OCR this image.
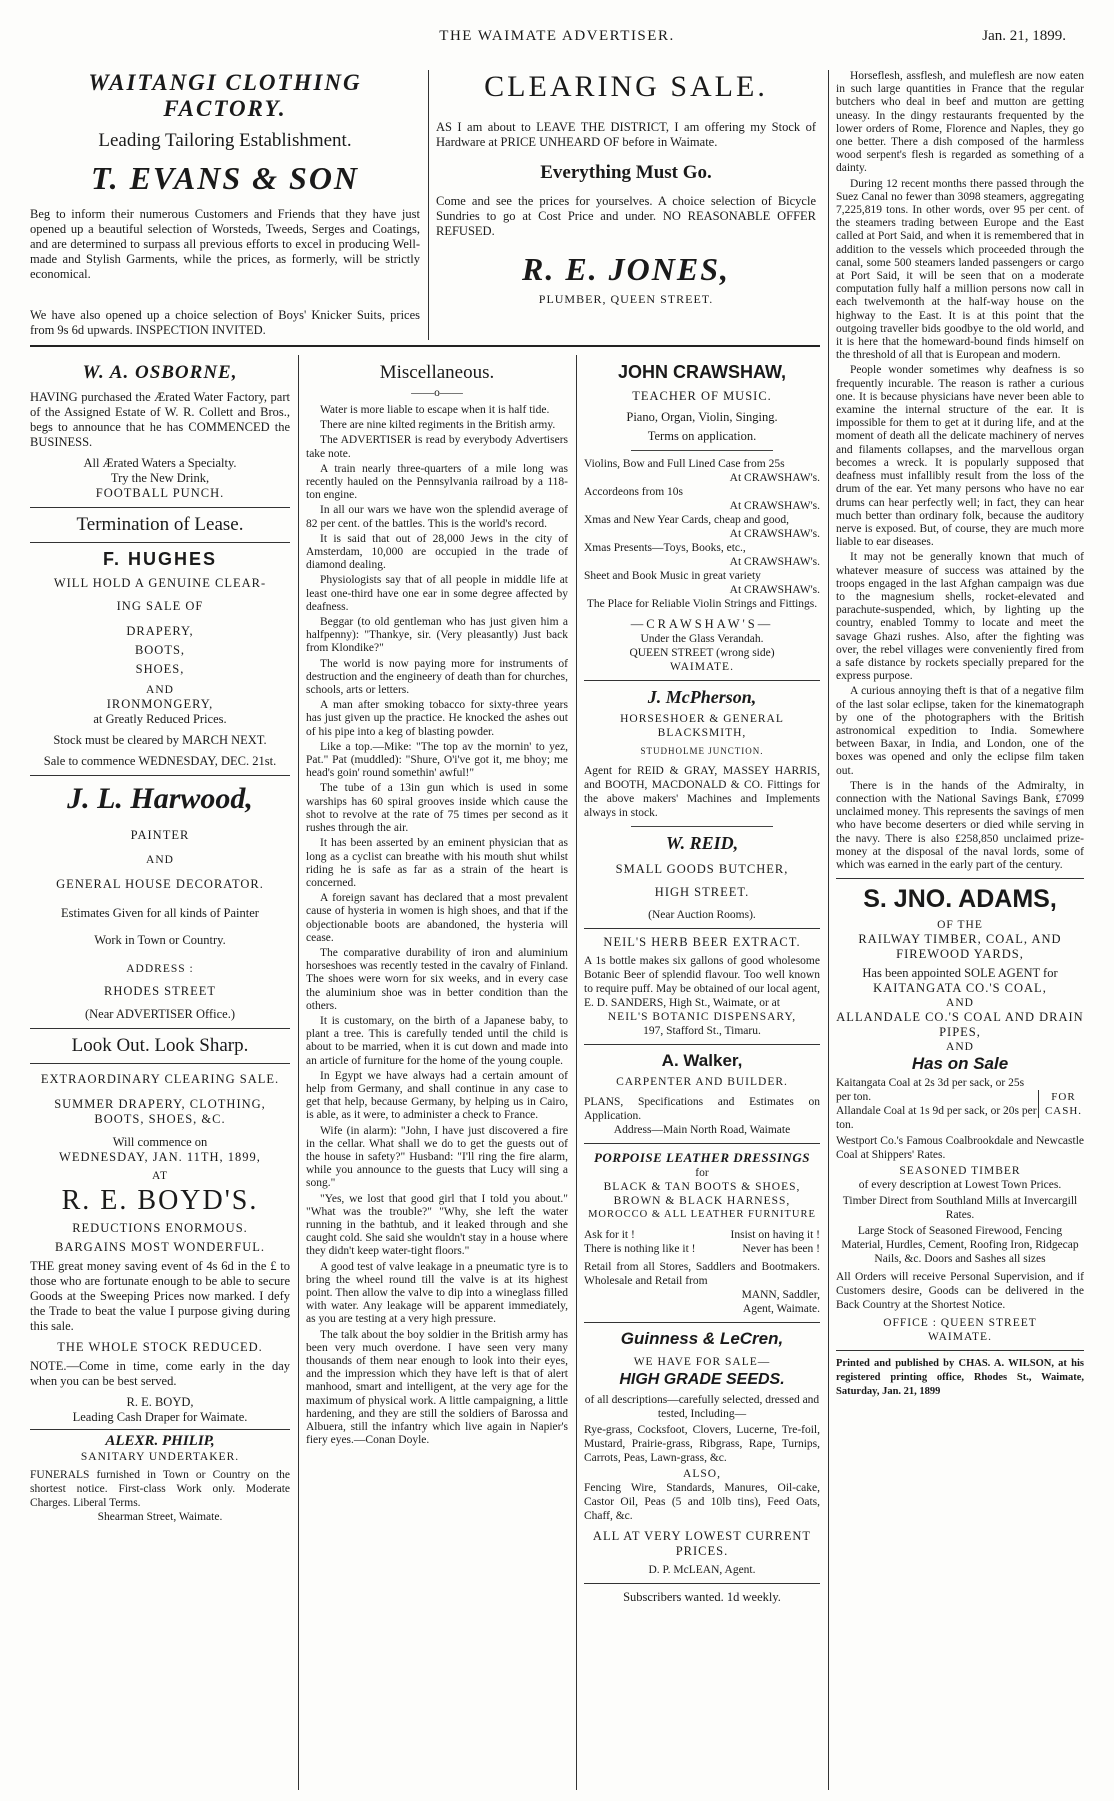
THE WAIMATE ADVERTISER.	Jan. 21, 1899.
WAITANGI CLOTHING FACTORY.
Leading Tailoring Establishment.
T. EVANS & SON
Beg to inform their numerous Customers and Friends that they have just opened up a beautiful selection of Worsteds, Tweeds, Serges and Coatings, and are determined to surpass all previous efforts to excel in producing Well-made and Stylish Garments, while the prices, as formerly, will be strictly economical.
We have also opened up a choice selection of Boys' Knicker Suits, prices from 9s 6d upwards. INSPECTION INVITED.
CLEARING SALE.
AS I am about to LEAVE THE DISTRICT, I am offering my Stock of Hardware at PRICE UNHEARD OF before in Waimate.
Everything Must Go.
Come and see the prices for yourselves. A choice selection of Bicycle Sundries to go at Cost Price and under. NO REASONABLE OFFER REFUSED.
R. E. JONES,
PLUMBER, QUEEN STREET.
W. A. OSBORNE,
HAVING purchased the Ærated Water Factory, part of the Assigned Estate of W. R. Collett and Bros., begs to announce that he has COMMENCED the BUSINESS.
All Ærated Waters a Specialty.
Try the New Drink,
FOOTBALL PUNCH.
Termination of Lease.
F. HUGHES
WILL HOLD A GENUINE CLEAR-
ING SALE OF
DRAPERY,
BOOTS,
SHOES,
AND
IRONMONGERY,
at Greatly Reduced Prices.
Stock must be cleared by MARCH NEXT.
Sale to commence WEDNESDAY, DEC. 21st.
J. L. Harwood,
PAINTER
AND
GENERAL HOUSE DECORATOR.
Estimates Given for all kinds of Painter
Work in Town or Country.
ADDRESS :
RHODES STREET
(Near ADVERTISER Office.)
Look Out. Look Sharp.
EXTRAORDINARY CLEARING SALE.
SUMMER DRAPERY, CLOTHING, BOOTS, SHOES, &C.
Will commence on
WEDNESDAY, JAN. 11TH, 1899,
AT
R. E. BOYD'S.
REDUCTIONS ENORMOUS.
BARGAINS MOST WONDERFUL.
THE great money saving event of 4s 6d in the £ to those who are fortunate enough to be able to secure Goods at the Sweeping Prices now marked. I defy the Trade to beat the value I purpose giving during this sale.
THE WHOLE STOCK REDUCED.
NOTE.—Come in time, come early in the day when you can be best served.
R. E. BOYD,
Leading Cash Draper for Waimate.
ALEXR. PHILIP,
SANITARY UNDERTAKER.
FUNERALS furnished in Town or Country on the shortest notice. First-class Work only. Moderate Charges. Liberal Terms.
Shearman Street, Waimate.
Miscellaneous.
——o——

Water is more liable to escape when it is half tide.

There are nine kilted regiments in the British army.

The ADVERTISER is read by everybody Advertisers take note.

A train nearly three-quarters of a mile long was recently hauled on the Pennsylvania railroad by a 118-ton engine.

In all our wars we have won the splendid average of 82 per cent. of the battles. This is the world's record.

It is said that out of 28,000 Jews in the city of Amsterdam, 10,000 are occupied in the trade of diamond dealing.

Physiologists say that of all people in middle life at least one-third have one ear in some degree affected by deafness.

Beggar (to old gentleman who has just given him a halfpenny): "Thankye, sir. (Very pleasantly) Just back from Klondike?"

The world is now paying more for instruments of destruction and the engineery of death than for churches, schools, arts or letters.

A man after smoking tobacco for sixty-three years has just given up the practice. He knocked the ashes out of his pipe into a keg of blasting powder.

Like a top.—Mike: "The top av the mornin' to yez, Pat." Pat (muddled): "Shure, O'i've got it, me bhoy; me head's goin' round somethin' awful!"

The tube of a 13in gun which is used in some warships has 60 spiral grooves inside which cause the shot to revolve at the rate of 75 times per second as it rushes through the air.

It has been asserted by an eminent physician that as long as a cyclist can breathe with his mouth shut whilst riding he is safe as far as a strain of the heart is concerned.

A foreign savant has declared that a most prevalent cause of hysteria in women is high shoes, and that if the objectionable boots are abandoned, the hysteria will cease.

The comparative durability of iron and aluminium horseshoes was recently tested in the cavalry of Finland. The shoes were worn for six weeks, and in every case the aluminium shoe was in better condition than the others.

It is customary, on the birth of a Japanese baby, to plant a tree. This is carefully tended until the child is about to be married, when it is cut down and made into an article of furniture for the home of the young couple.

In Egypt we have always had a certain amount of help from Germany, and shall continue in any case to get that help, because Germany, by helping us in Cairo, is able, as it were, to administer a check to France.

Wife (in alarm): "John, I have just discovered a fire in the cellar. What shall we do to get the guests out of the house in safety?" Husband: "I'll ring the fire alarm, while you announce to the guests that Lucy will sing a song."

"Yes, we lost that good girl that I told you about." "What was the trouble?" "Why, she left the water running in the bathtub, and it leaked through and she caught cold. She said she wouldn't stay in a house where they didn't keep water-tight floors."

A good test of valve leakage in a pneumatic tyre is to bring the wheel round till the valve is at its highest point. Then allow the valve to dip into a wineglass filled with water. Any leakage will be apparent immediately, as you are testing at a very high pressure.

The talk about the boy soldier in the British army has been very much overdone. I have seen very many thousands of them near enough to look into their eyes, and the impression which they have left is that of alert manhood, smart and intelligent, at the very age for the maximum of physical work. A little campaigning, a little hardening, and they are still the soldiers of Barossa and Albuera, still the infantry which live again in Napier's fiery eyes.—Conan Doyle.

JOHN CRAWSHAW,
TEACHER OF MUSIC.
Piano, Organ, Violin, Singing.
Terms on application.
Violins, Bow and Full Lined Case from 25s
At CRAWSHAW's.
Accordeons from 10s
At CRAWSHAW's.
Xmas and New Year Cards, cheap and good,
At CRAWSHAW's.
Xmas Presents—Toys, Books, etc.,
At CRAWSHAW's.
Sheet and Book Music in great variety
At CRAWSHAW's.
The Place for Reliable Violin Strings and Fittings.
—CRAWSHAW'S—
Under the Glass Verandah.
QUEEN STREET (wrong side)
WAIMATE.
J. McPherson,
HORSESHOER & GENERAL BLACKSMITH,
STUDHOLME JUNCTION.
Agent for REID & GRAY, MASSEY HARRIS, and BOOTH, MACDONALD & CO. Fittings for the above makers' Machines and Implements always in stock.
W. REID,
SMALL GOODS BUTCHER,
HIGH STREET.
(Near Auction Rooms).
NEIL'S HERB BEER EXTRACT.
A 1s bottle makes six gallons of good wholesome Botanic Beer of splendid flavour. Too well known to require puff. May be obtained of our local agent, E. D. SANDERS, High St., Waimate, or at
NEIL'S BOTANIC DISPENSARY,
197, Stafford St., Timaru.
A. Walker,
CARPENTER AND BUILDER.
PLANS, Specifications and Estimates on Application.
Address—Main North Road, Waimate
PORPOISE LEATHER DRESSINGS
for
BLACK & TAN BOOTS & SHOES,
BROWN & BLACK HARNESS,
MOROCCO & ALL LEATHER FURNITURE
Ask for it !	Insist on having it !
There is nothing like it !	Never has been !
Retail from all Stores, Saddlers and Bootmakers. Wholesale and Retail from
MANN, Saddler,
Agent, Waimate.
Guinness & LeCren,
WE HAVE FOR SALE—
HIGH GRADE SEEDS.
of all descriptions—carefully selected, dressed and tested, Including—
Rye-grass, Cocksfoot, Clovers, Lucerne, Tre-foil, Mustard, Prairie-grass, Ribgrass, Rape, Turnips, Carrots, Peas, Lawn-grass, &c.
ALSO,
Fencing Wire, Standards, Manures, Oil-cake, Castor Oil, Peas (5 and 10lb tins), Feed Oats, Chaff, &c.
ALL AT VERY LOWEST CURRENT PRICES.
D. P. McLEAN, Agent.
Subscribers wanted. 1d weekly.

Horseflesh, assflesh, and muleflesh are now eaten in such large quantities in France that the regular butchers who deal in beef and mutton are getting uneasy. In the dingy restaurants frequented by the lower orders of Rome, Florence and Naples, they go one better. There a dish composed of the harmless wood serpent's flesh is regarded as something of a dainty.

During 12 recent months there passed through the Suez Canal no fewer than 3098 steamers, aggregating 7,225,819 tons. In other words, over 95 per cent. of the steamers trading between Europe and the East called at Port Said, and when it is remembered that in addition to the vessels which proceeded through the canal, some 500 steamers landed passengers or cargo at Port Said, it will be seen that on a moderate computation fully half a million persons now call in each twelvemonth at the half-way house on the highway to the East. It is at this point that the outgoing traveller bids goodbye to the old world, and it is here that the homeward-bound finds himself on the threshold of all that is European and modern.

People wonder sometimes why deafness is so frequently incurable. The reason is rather a curious one. It is because physicians have never been able to examine the internal structure of the ear. It is impossible for them to get at it during life, and at the moment of death all the delicate machinery of nerves and filaments collapses, and the marvellous organ becomes a wreck. It is popularly supposed that deafness must infallibly result from the loss of the drum of the ear. Yet many persons who have no ear drums can hear perfectly well; in fact, they can hear much better than ordinary folk, because the auditory nerve is exposed. But, of course, they are much more liable to ear diseases.

It may not be generally known that much of whatever measure of success was attained by the troops engaged in the last Afghan campaign was due to the magnesium shells, rocket-elevated and parachute-suspended, which, by lighting up the country, enabled Tommy to locate and meet the savage Ghazi rushes. Also, after the fighting was over, the rebel villages were conveniently fired from a safe distance by rockets specially prepared for the express purpose.

A curious annoying theft is that of a negative film of the last solar eclipse, taken for the kinematograph by one of the photographers with the British astronomical expedition to India. Somewhere between Baxar, in India, and London, one of the boxes was opened and only the eclipse film taken out.

There is in the hands of the Admiralty, in connection with the National Savings Bank, £7099 unclaimed money. This represents the savings of men who have become deserters or died while serving in the navy. There is also £258,850 unclaimed prize-money at the disposal of the naval lords, some of which was earned in the early part of the century.

S. JNO. ADAMS,
OF THE
RAILWAY TIMBER, COAL, AND FIREWOOD YARDS,
Has been appointed SOLE AGENT for
KAITANGATA CO.'S COAL,
AND
ALLANDALE CO.'S COAL AND DRAIN PIPES,
AND
Has on Sale
Kaitangata Coal at 2s 3d per sack, or 25s per ton.
Allandale Coal at 1s 9d per sack, or 20s per ton.
FOR CASH.
Westport Co.'s Famous Coalbrookdale and Newcastle Coal at Shippers' Rates.
SEASONED TIMBER
of every description at Lowest Town Prices.
Timber Direct from Southland Mills at Invercargill Rates.
Large Stock of Seasoned Firewood, Fencing Material, Hurdles, Cement, Roofing Iron, Ridgecap Nails, &c. Doors and Sashes all sizes
All Orders will receive Personal Supervision, and if Customers desire, Goods can be delivered in the Back Country at the Shortest Notice.
OFFICE : QUEEN STREET
WAIMATE.
Printed and published by CHAS. A. WILSON, at his registered printing office, Rhodes St., Waimate, Saturday, Jan. 21, 1899
